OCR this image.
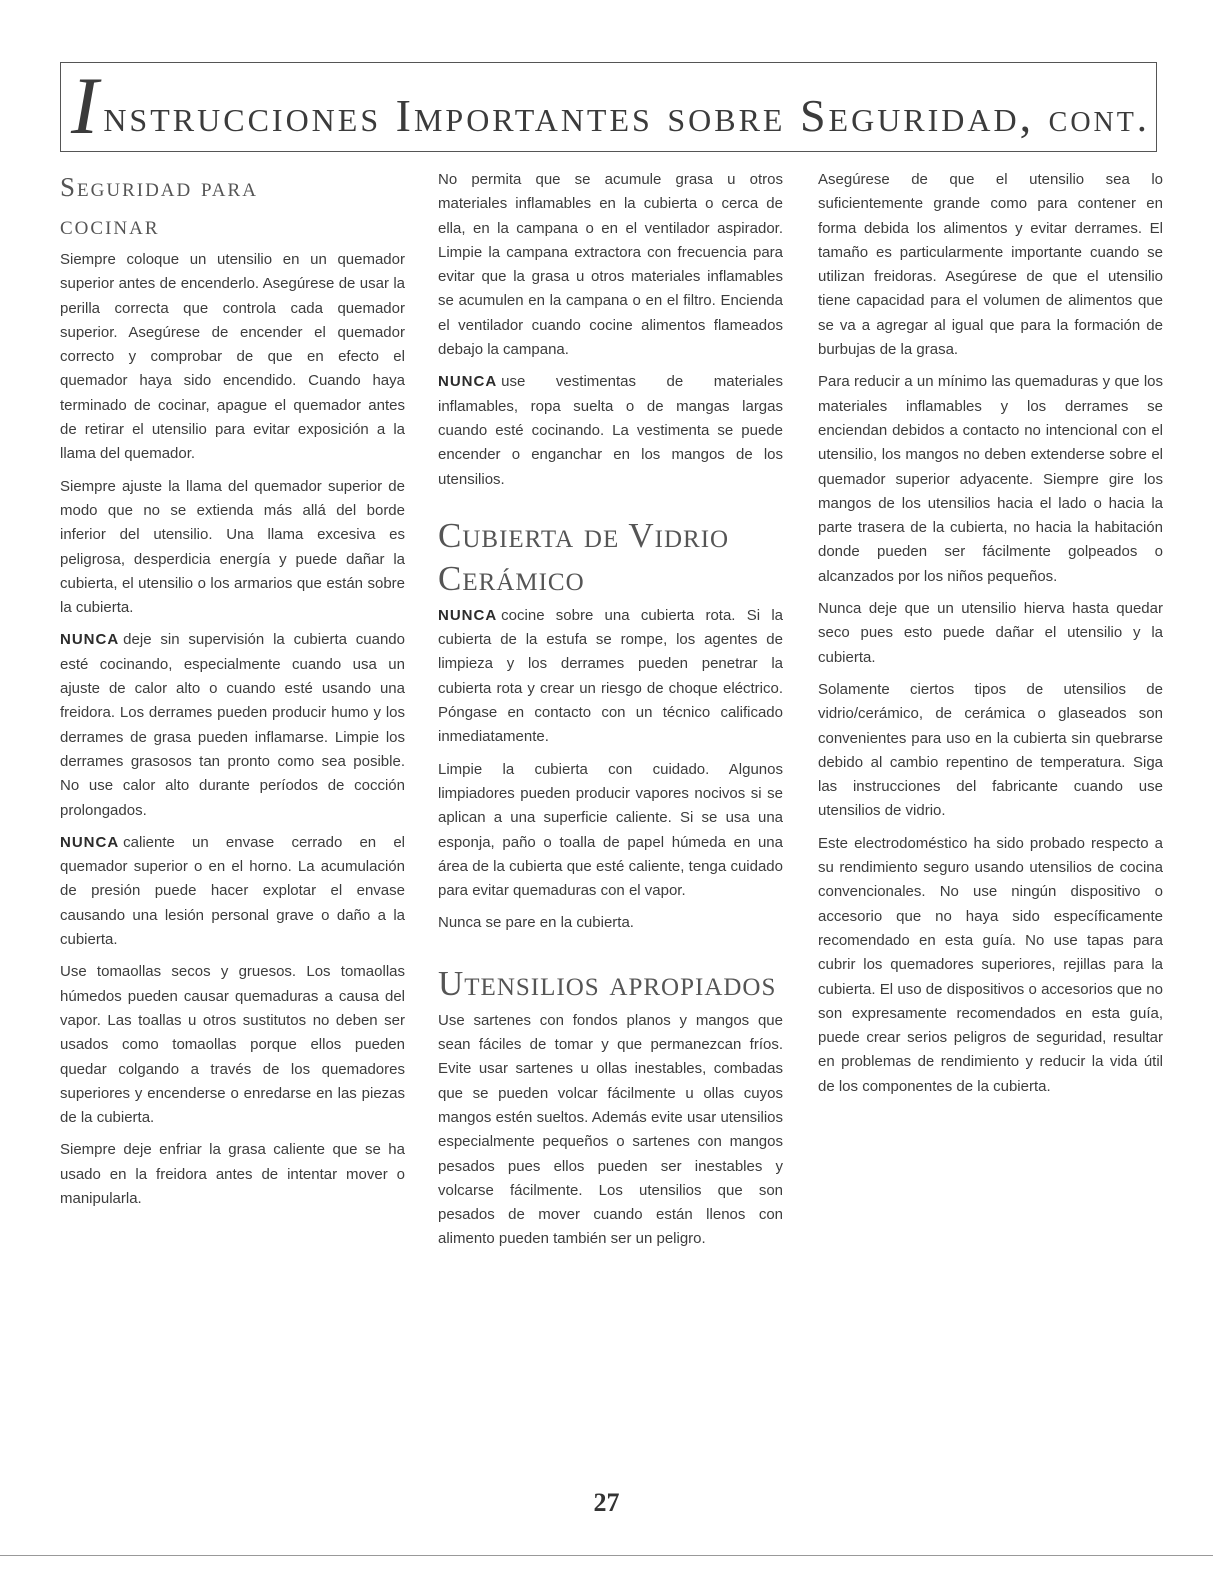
Instrucciones Importantes sobre Seguridad, cont.
Seguridad para
cocinar

Siempre coloque un utensilio en un quemador superior antes de encenderlo. Asegúrese de usar la perilla correcta que controla cada quemador superior. Asegúrese de encender el quemador correcto y comprobar de que en efecto el quemador haya sido encendido. Cuando haya terminado de cocinar, apague el quemador antes de retirar el utensilio para evitar exposición a la llama del quemador.

Siempre ajuste la llama del quemador superior de modo que no se extienda más allá del borde inferior del utensilio. Una llama excesiva es peligrosa, desperdicia energía y puede dañar la cubierta, el utensilio o los armarios que están sobre la cubierta.

NUNCA deje sin supervisión la cubierta cuando esté cocinando, especialmente cuando usa un ajuste de calor alto o cuando esté usando una freidora. Los derrames pueden producir humo y los derrames de grasa pueden inflamarse. Limpie los derrames grasosos tan pronto como sea posible. No use calor alto durante períodos de cocción prolongados.

NUNCA caliente un envase cerrado en el quemador superior o en el horno. La acumulación de presión puede hacer explotar el envase causando una lesión personal grave o daño a la cubierta.

Use tomaollas secos y gruesos. Los tomaollas húmedos pueden causar quemaduras a causa del vapor. Las toallas u otros sustitutos no deben ser usados como tomaollas porque ellos pueden quedar colgando a través de los quemadores superiores y encenderse o enredarse en las piezas de la cubierta.

Siempre deje enfriar la grasa caliente que se ha usado en la freidora antes de intentar mover o manipularla.

No permita que se acumule grasa u otros materiales inflamables en la cubierta o cerca de ella, en la campana o en el ventilador aspirador. Limpie la campana extractora con frecuencia para evitar que la grasa u otros materiales inflamables se acumulen en la campana o en el filtro. Encienda el ventilador cuando cocine alimentos flameados debajo la campana.

NUNCA use vestimentas de materiales inflamables, ropa suelta o de mangas largas cuando esté cocinando. La vestimenta se puede encender o enganchar en los mangos de los utensilios.

Cubierta de Vidrio
Cerámico

NUNCA cocine sobre una cubierta rota. Si la cubierta de la estufa se rompe, los agentes de limpieza y los derrames pueden penetrar la cubierta rota y crear un riesgo de choque eléctrico. Póngase en contacto con un técnico calificado inmediatamente.

Limpie la cubierta con cuidado. Algunos limpiadores pueden producir vapores nocivos si se aplican a una superficie caliente. Si se usa una esponja, paño o toalla de papel húmeda en una área de la cubierta que esté caliente, tenga cuidado para evitar quemaduras con el vapor.

Nunca se pare en la cubierta.

Utensilios apropiados

Use sartenes con fondos planos y mangos que sean fáciles de tomar y que permanezcan fríos. Evite usar sartenes u ollas inestables, combadas que se pueden volcar fácilmente u ollas cuyos mangos estén sueltos. Además evite usar utensilios especialmente pequeños o sartenes con mangos pesados pues ellos pueden ser inestables y volcarse fácilmente. Los utensilios que son pesados de mover cuando están llenos con alimento pueden también ser un peligro.

Asegúrese de que el utensilio sea lo suficientemente grande como para contener en forma debida los alimentos y evitar derrames. El tamaño es particularmente importante cuando se utilizan freidoras. Asegúrese de que el utensilio tiene capacidad para el volumen de alimentos que se va a agregar al igual que para la formación de burbujas de la grasa.

Para reducir a un mínimo las quemaduras y que los materiales inflamables y los derrames se enciendan debidos a contacto no intencional con el utensilio, los mangos no deben extenderse sobre el quemador superior adyacente. Siempre gire los mangos de los utensilios hacia el lado o hacia la parte trasera de la cubierta, no hacia la habitación donde pueden ser fácilmente golpeados o alcanzados por los niños pequeños.

Nunca deje que un utensilio hierva hasta quedar seco pues esto puede dañar el utensilio y la cubierta.

Solamente ciertos tipos de utensilios de vidrio/cerámico, de cerámica o glaseados son convenientes para uso en la cubierta sin quebrarse debido al cambio repentino de temperatura. Siga las instrucciones del fabricante cuando use utensilios de vidrio.

Este electrodoméstico ha sido probado respecto a su rendimiento seguro usando utensilios de cocina convencionales. No use ningún dispositivo o accesorio que no haya sido específicamente recomendado en esta guía. No use tapas para cubrir los quemadores superiores, rejillas para la cubierta. El uso de dispositivos o accesorios que no son expresamente recomendados en esta guía, puede crear serios peligros de seguridad, resultar en problemas de rendimiento y reducir la vida útil de los componentes de la cubierta.

27
